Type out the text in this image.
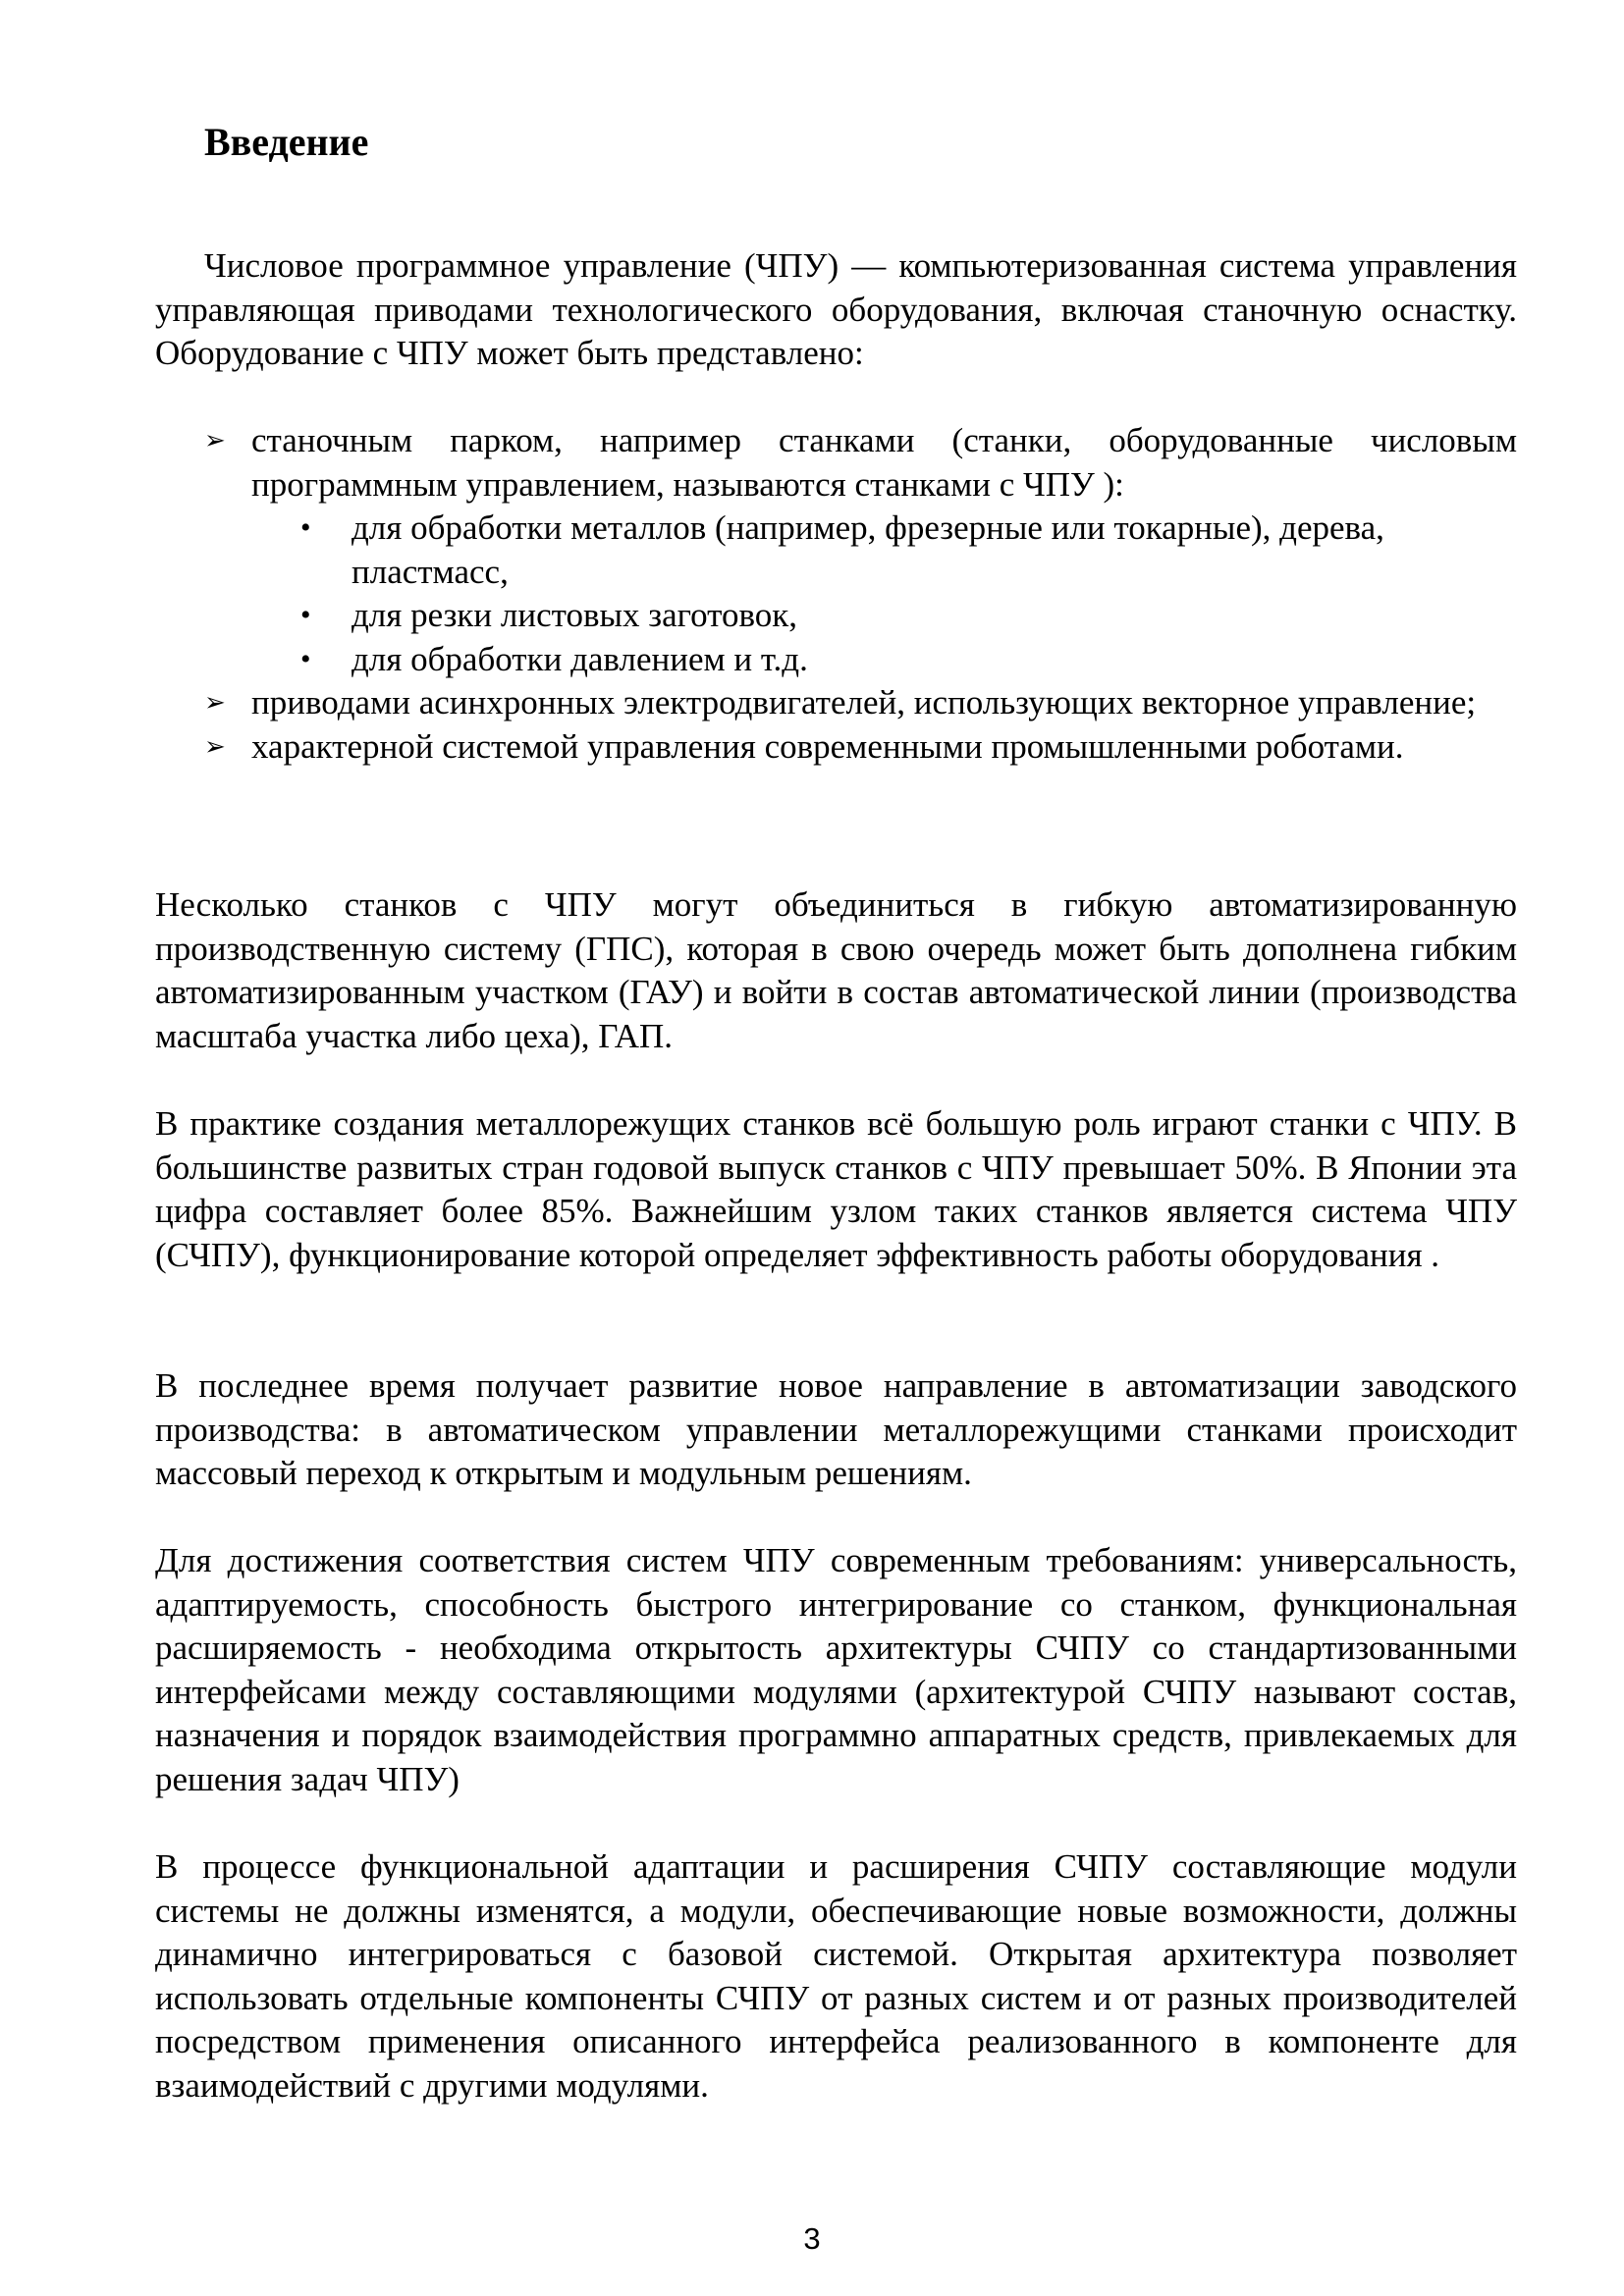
Введение

Числовое программное управление (ЧПУ) — компьютеризованная система управления управляющая приводами технологического оборудования, включая станочную оснастку. Оборудование с ЧПУ может быть представлено:

➢ станочным парком, например станками (станки, оборудованные числовым программным управлением, называются станками с ЧПУ ):
• для обработки металлов (например, фрезерные или токарные), дерева, пластмасс,
• для резки листовых заготовок,
• для обработки давлением и т.д.
➢ приводами асинхронных электродвигателей, использующих векторное управление;
➢ характерной системой управления современными промышленными роботами.

Несколько станков с ЧПУ могут объединиться в гибкую автоматизированную производственную систему (ГПС), которая в свою очередь может быть дополнена гибким автоматизированным участком (ГАУ) и войти в состав автоматической линии (производства масштаба участка либо цеха), ГАП.

В практике создания металлорежущих станков всё большую роль играют станки с ЧПУ. В большинстве развитых стран годовой выпуск станков с ЧПУ превышает 50%. В Японии эта цифра составляет более 85%. Важнейшим узлом таких станков является система ЧПУ (СЧПУ), функционирование которой определяет эффективность работы оборудования .

В последнее время получает развитие новое направление в автоматизации заводского производства: в автоматическом управлении металлорежущими станками происходит массовый переход к открытым и модульным решениям.

Для достижения соответствия систем ЧПУ современным требованиям: универсальность, адаптируемость, способность быстрого интегрирование со станком, функциональная расширяемость - необходима открытость архитектуры СЧПУ со стандартизованными интерфейсами между составляющими модулями (архитектурой СЧПУ называют состав, назначения и порядок взаимодействия программно аппаратных средств, привлекаемых для решения задач ЧПУ)

В процессе функциональной адаптации и расширения СЧПУ составляющие модули системы не должны изменятся, а модули, обеспечивающие новые возможности, должны динамично интегрироваться с базовой системой. Открытая архитектура позволяет использовать отдельные компоненты СЧПУ от разных систем и от разных производителей посредством применения описанного интерфейса реализованного в компоненте для взаимодействий с другими модулями.

3
